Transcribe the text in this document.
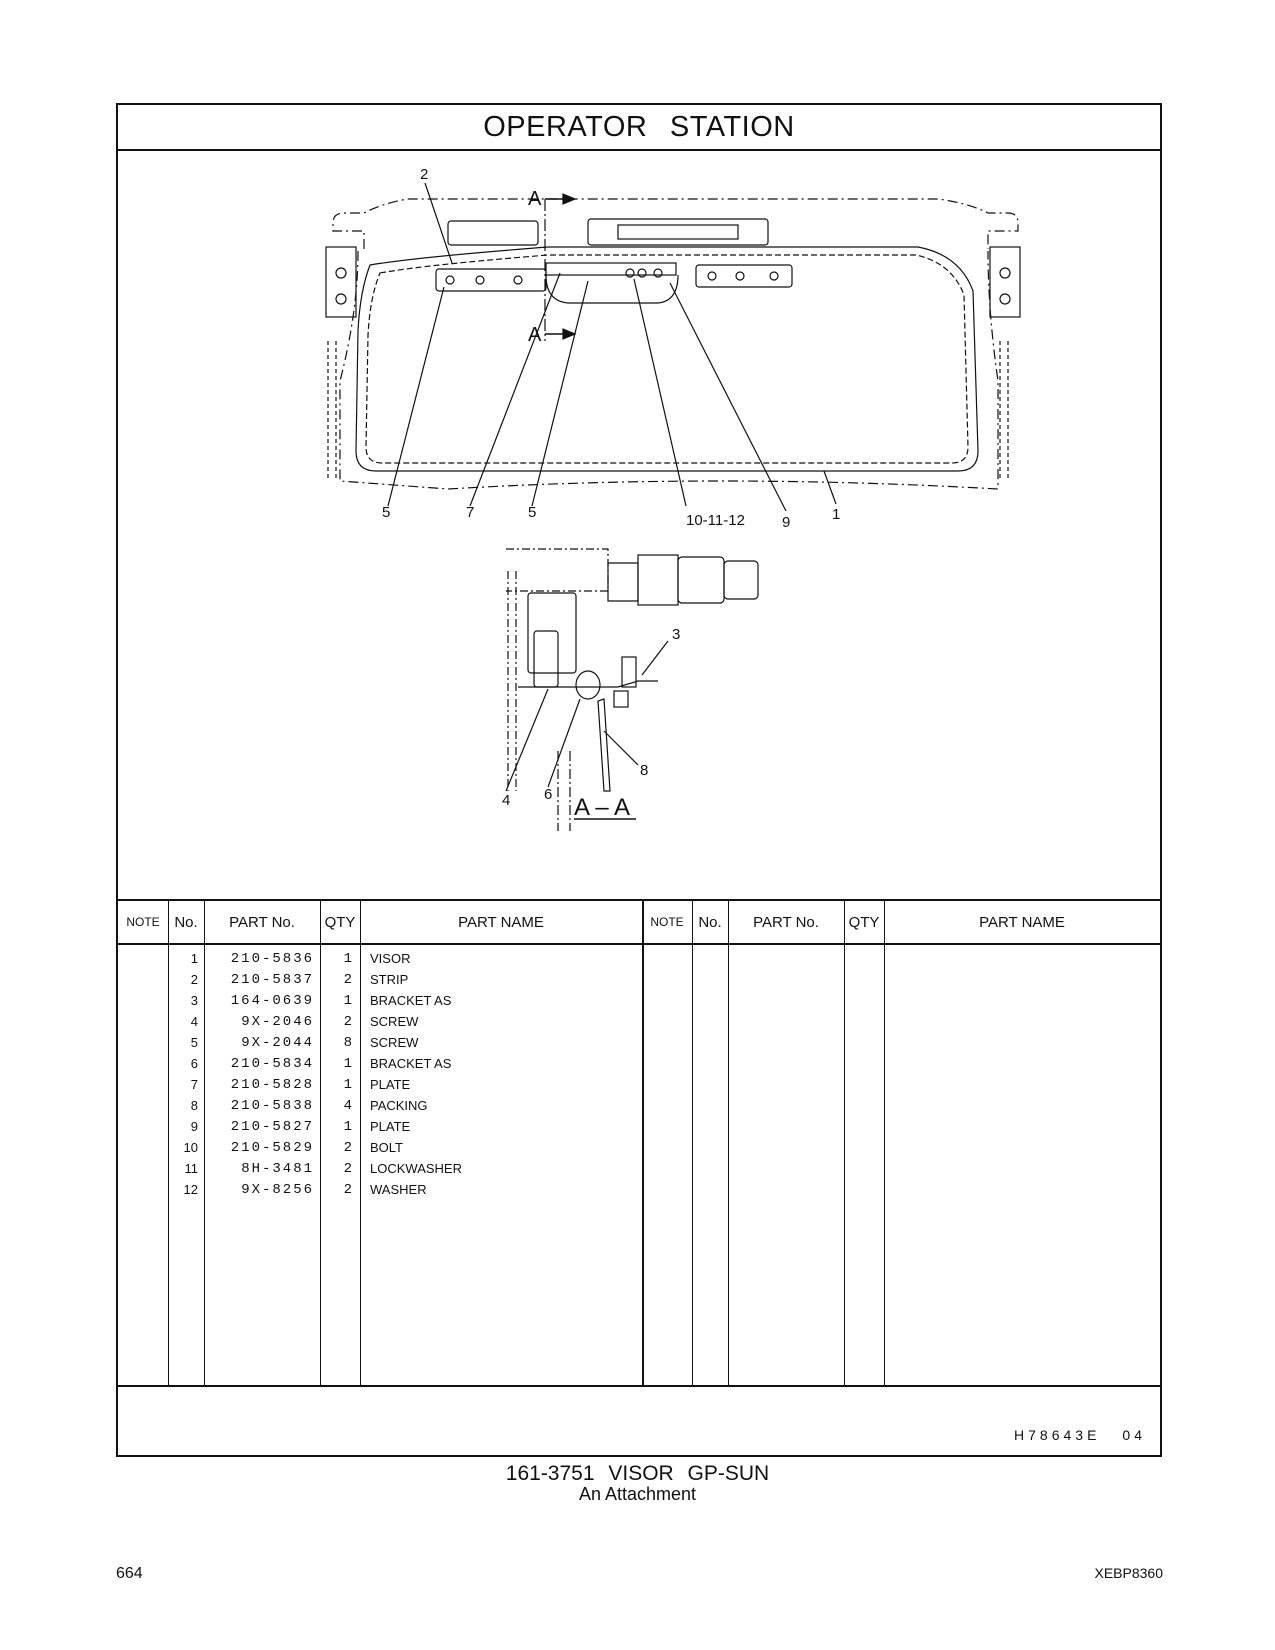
OPERATOR STATION
2
5	7	5	10-11-12 9	1
A
A
3
8
4 6 A – A
NOTE No.	PART No.	QTY	PART NAME	NOTE No.	PART No.	QTY	PART NAME
1	210-5836	1 VISOR
2	210-5837	2 STRIP
3	164-0639	1 BRACKET AS
4	9X-2046	2 SCREW
5	9X-2044	8 SCREW
6	210-5834	1 BRACKET AS
7	210-5828	1 PLATE
8	210-5838	4 PACKING
9	210-5827	1 PLATE
10	210-5829	2 BOLT
11	8H-3481	2 LOCKWASHER
12	9X-8256	2 WASHER
H78643E 04
161-3751 VISOR GP-SUN
An Attachment
664	XEBP8360
